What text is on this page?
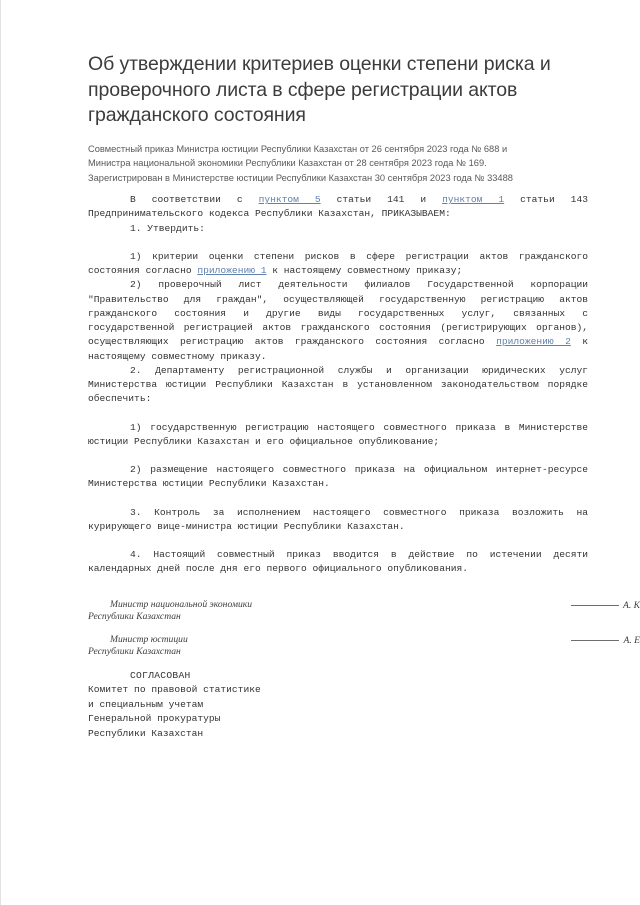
Об утверждении критериев оценки степени риска и проверочного листа в сфере регистрации актов гражданского состояния
Совместный приказ Министра юстиции Республики Казахстан от 26 сентября 2023 года № 688 и Министра национальной экономики Республики Казахстан от 28 сентября 2023 года № 169. Зарегистрирован в Министерстве юстиции Республики Казахстан 30 сентября 2023 года № 33488

В соответствии с пунктом 5 статьи 141 и пунктом 1 статьи 143 Предпринимательского кодекса Республики Казахстан, ПРИКАЗЫВАЕМ:

1. Утвердить:

1) критерии оценки степени рисков в сфере регистрации актов гражданского состояния согласно приложению 1 к настоящему совместному приказу;

2) проверочный лист деятельности филиалов Государственной корпорации "Правительство для граждан", осуществляющей государственную регистрацию актов гражданского состояния и другие виды государственных услуг, связанных с государственной регистрацией актов гражданского состояния (регистрирующих органов), осуществляющих регистрацию актов гражданского состояния согласно приложению 2 к настоящему совместному приказу.

2. Департаменту регистрационной службы и организации юридических услуг Министерства юстиции Республики Казахстан в установленном законодательством порядке обеспечить:

1) государственную регистрацию настоящего совместного приказа в Министерстве юстиции Республики Казахстан и его официальное опубликование;

2) размещение настоящего совместного приказа на официальном интернет-ресурсе Министерства юстиции Республики Казахстан.

3. Контроль за исполнением настоящего совместного приказа возложить на курирующего вице-министра юстиции Республики Казахстан.

4. Настоящий совместный приказ вводится в действие по истечении десяти календарных дней после дня его первого официального опубликования.

Министр национальной экономики
Республики Казахстан
А. К
Министр юстиции
Республики Казахстан
А. Е
СОГЛАСОВАН
Комитет по правовой статистике
и специальным учетам
Генеральной прокуратуры
Республики Казахстан
